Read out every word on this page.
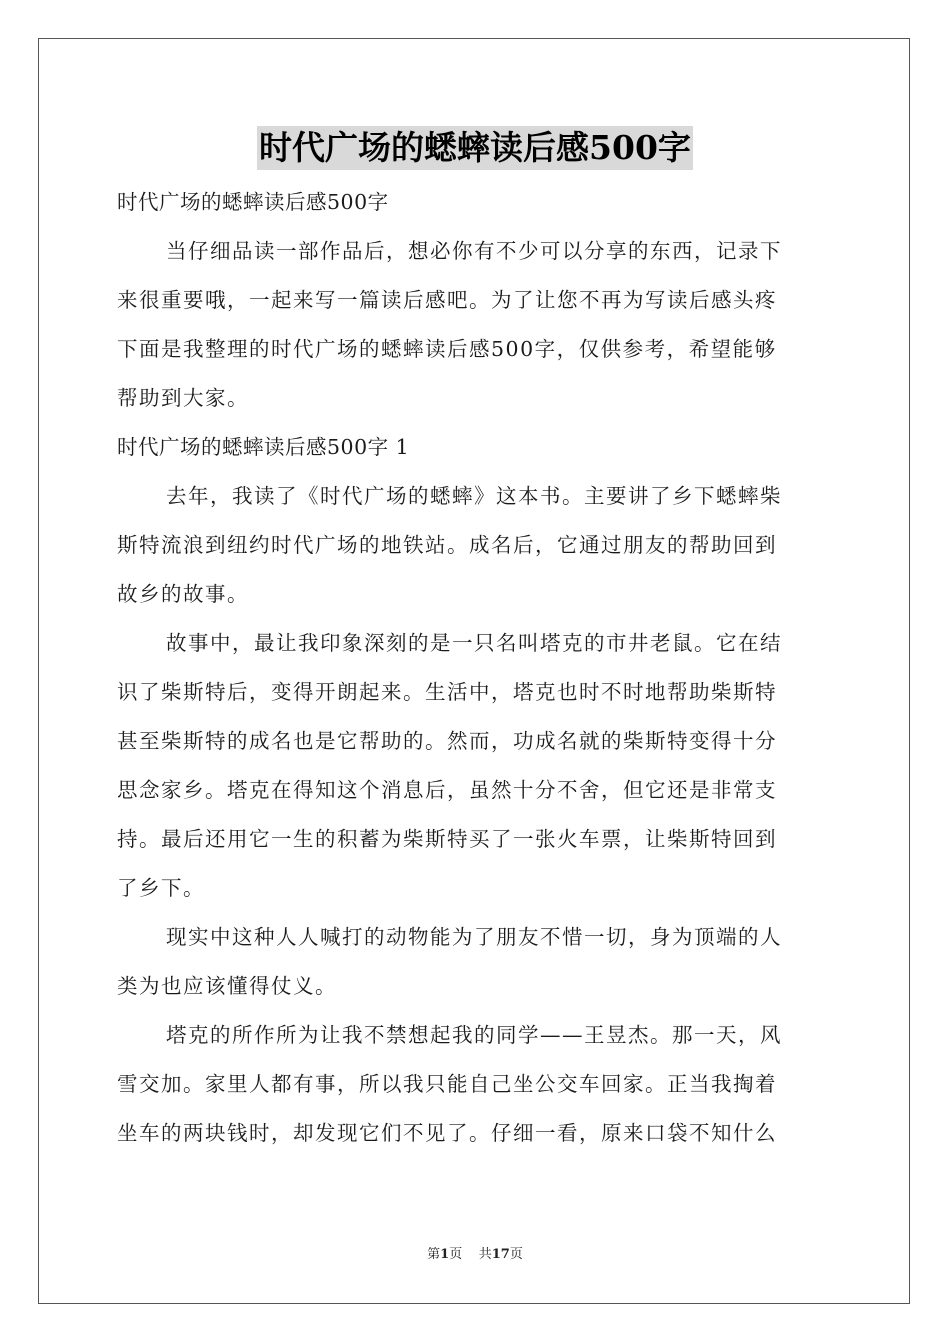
时代广场的蟋蟀读后感500字
时代广场的蟋蟀读后感500字
当仔细品读一部作品后，想必你有不少可以分享的东西，记录下
来很重要哦，一起来写一篇读后感吧。为了让您不再为写读后感头疼
下面是我整理的时代广场的蟋蟀读后感500字，仅供参考，希望能够
帮助到大家。
时代广场的蟋蟀读后感500字 1
去年，我读了《时代广场的蟋蟀》这本书。主要讲了乡下蟋蟀柴
斯特流浪到纽约时代广场的地铁站。成名后，它通过朋友的帮助回到
故乡的故事。
故事中，最让我印象深刻的是一只名叫塔克的市井老鼠。它在结
识了柴斯特后，变得开朗起来。生活中，塔克也时不时地帮助柴斯特
甚至柴斯特的成名也是它帮助的。然而，功成名就的柴斯特变得十分
思念家乡。塔克在得知这个消息后，虽然十分不舍，但它还是非常支
持。最后还用它一生的积蓄为柴斯特买了一张火车票，让柴斯特回到
了乡下。
现实中这种人人喊打的动物能为了朋友不惜一切，身为顶端的人
类为也应该懂得仗义。
塔克的所作所为让我不禁想起我的同学——王昱杰。那一天，风
雪交加。家里人都有事，所以我只能自己坐公交车回家。正当我掏着
坐车的两块钱时，却发现它们不见了。仔细一看，原来口袋不知什么
第1页 共17页
